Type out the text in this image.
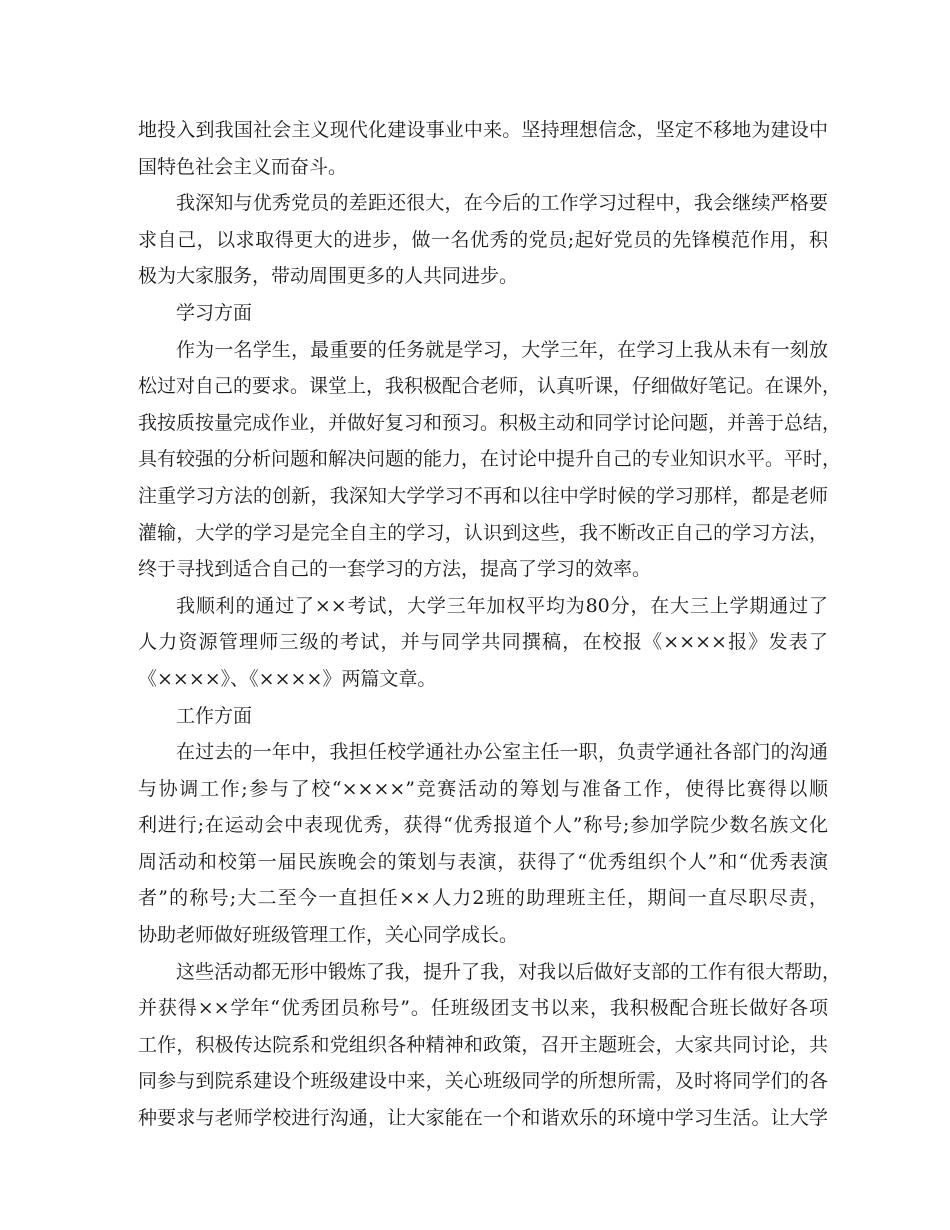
地投入到我国社会主义现代化建设事业中来。坚持理想信念，坚定不移地为建设中
国特色社会主义而奋斗。
我深知与优秀党员的差距还很大，在今后的工作学习过程中，我会继续严格要
求自己，以求取得更大的进步，做一名优秀的党员;起好党员的先锋模范作用，积
极为大家服务，带动周围更多的人共同进步。
学习方面
作为一名学生，最重要的任务就是学习，大学三年，在学习上我从未有一刻放
松过对自己的要求。课堂上，我积极配合老师，认真听课，仔细做好笔记。在课外，
我按质按量完成作业，并做好复习和预习。积极主动和同学讨论问题，并善于总结，
具有较强的分析问题和解决问题的能力，在讨论中提升自己的专业知识水平。平时，
注重学习方法的创新，我深知大学学习不再和以往中学时候的学习那样，都是老师
灌输，大学的学习是完全自主的学习，认识到这些，我不断改正自己的学习方法，
终于寻找到适合自己的一套学习的方法，提高了学习的效率。
我顺利的通过了××考试，大学三年加权平均为80分，在大三上学期通过了
人力资源管理师三级的考试，并与同学共同撰稿，在校报《××××报》发表了
《××××》、《××××》两篇文章。
工作方面
在过去的一年中，我担任校学通社办公室主任一职，负责学通社各部门的沟通
与协调工作;参与了校“××××”竞赛活动的筹划与准备工作，使得比赛得以顺
利进行;在运动会中表现优秀，获得“优秀报道个人”称号;参加学院少数名族文化
周活动和校第一届民族晚会的策划与表演，获得了“优秀组织个人”和“优秀表演
者”的称号;大二至今一直担任××人力2班的助理班主任，期间一直尽职尽责，
协助老师做好班级管理工作，关心同学成长。
这些活动都无形中锻炼了我，提升了我，对我以后做好支部的工作有很大帮助，
并获得××学年“优秀团员称号”。任班级团支书以来，我积极配合班长做好各项
工作，积极传达院系和党组织各种精神和政策，召开主题班会，大家共同讨论，共
同参与到院系建设个班级建设中来，关心班级同学的所想所需，及时将同学们的各
种要求与老师学校进行沟通，让大家能在一个和谐欢乐的环境中学习生活。让大学
